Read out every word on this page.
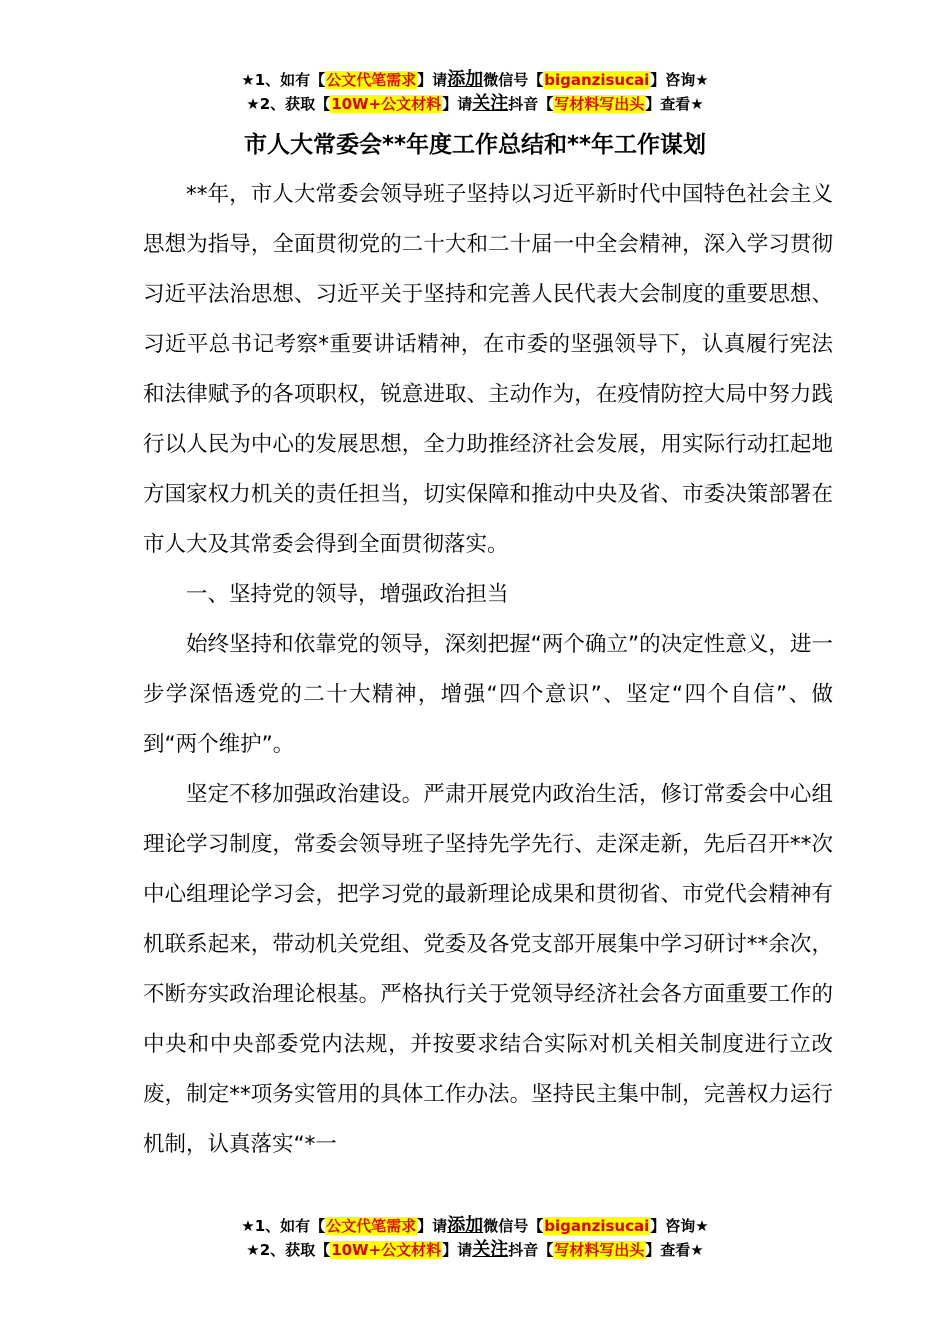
★1、如有【公文代笔需求】请添加微信号【biganzisucai】咨询★
★2、获取【10W+公文材料】请关注抖音【写材料写出头】查看★
市人大常委会**年度工作总结和**年工作谋划

**年，市人大常委会领导班子坚持以习近平新时代中国特色社会主义思想为指导，全面贯彻党的二十大和二十届一中全会精神，深入学习贯彻习近平法治思想、习近平关于坚持和完善人民代表大会制度的重要思想、习近平总书记考察*重要讲话精神，在市委的坚强领导下，认真履行宪法和法律赋予的各项职权，锐意进取、主动作为，在疫情防控大局中努力践行以人民为中心的发展思想，全力助推经济社会发展，用实际行动扛起地方国家权力机关的责任担当，切实保障和推动中央及省、市委决策部署在市人大及其常委会得到全面贯彻落实。

一、坚持党的领导，增强政治担当

始终坚持和依靠党的领导，深刻把握“两个确立”的决定性意义，进一步学深悟透党的二十大精神，增强“四个意识”、坚定“四个自信”、做到“两个维护”。

坚定不移加强政治建设。严肃开展党内政治生活，修订常委会中心组理论学习制度，常委会领导班子坚持先学先行、走深走新，先后召开**次中心组理论学习会，把学习党的最新理论成果和贯彻省、市党代会精神有机联系起来，带动机关党组、党委及各党支部开展集中学习研讨**余次，不断夯实政治理论根基。严格执行关于党领导经济社会各方面重要工作的中央和中央部委党内法规，并按要求结合实际对机关相关制度进行立改废，制定**项务实管用的具体工作办法。坚持民主集中制，完善权力运行机制，认真落实“*一

★1、如有【公文代笔需求】请添加微信号【biganzisucai】咨询★
★2、获取【10W+公文材料】请关注抖音【写材料写出头】查看★
